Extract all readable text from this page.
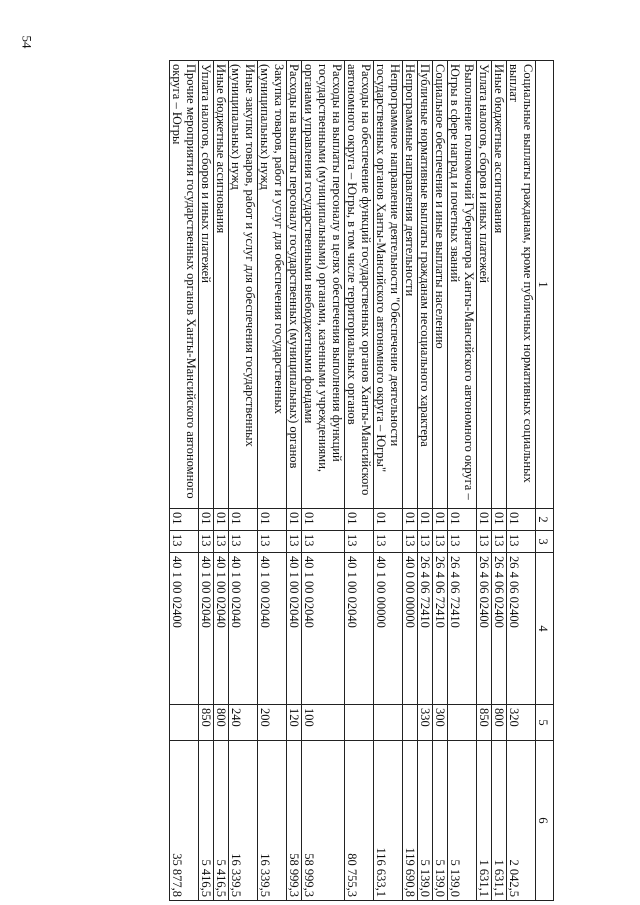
54
1	2	3	4	5	6
Социальные выплаты гражданам, кроме публичных нормативных социальных выплат	01	13	26 4 06 02400	320	2 042,5
Иные бюджетные ассигнования	01	13	26 4 06 02400	800	1 631,1
Уплата налогов, сборов и иных платежей	01	13	26 4 06 02400	850	1 631,1
Выполнение полномочий Губернатора Ханты-Мансийского автономного округа – Югры в сфере наград и почетных званий	01	13	26 4 06 72410		5 139,0
Социальное обеспечение и иные выплаты населению	01	13	26 4 06 72410	300	5 139,0
Публичные нормативные выплаты гражданам несоциального характера	01	13	26 4 06 72410	330	5 139,0
Непрограммные направления деятельности	01	13	40 0 00 00000		119 690,8
Непрограммное направление деятельности "Обеспечение деятельности государственных органов Ханты-Мансийского автономного округа – Югры"	01	13	40 1 00 00000		116 633,1
Расходы на обеспечение функций государственных органов Ханты-Мансийского автономного округа – Югры, в том числе территориальных органов	01	13	40 1 00 02040		80 755,3
Расходы на выплаты персоналу в целях обеспечения выполнения функций государственными (муниципальными) органами, казенными учреждениями, органами управления государственными внебюджетными фондами	01	13	40 1 00 02040	100	58 999,3
Расходы на выплаты персоналу государственных (муниципальных) органов	01	13	40 1 00 02040	120	58 999,3
Закупка товаров, работ и услуг для обеспечения государственных (муниципальных) нужд	01	13	40 1 00 02040	200	16 339,5
Иные закупки товаров, работ и услуг для обеспечения государственных (муниципальных) нужд	01	13	40 1 00 02040	240	16 339,5
Иные бюджетные ассигнования	01	13	40 1 00 02040	800	5 416,5
Уплата налогов, сборов и иных платежей	01	13	40 1 00 02040	850	5 416,5
Прочие мероприятия государственных органов Ханты-Мансийского автономного округа – Югры	01	13	40 1 00 02400		35 877,8
